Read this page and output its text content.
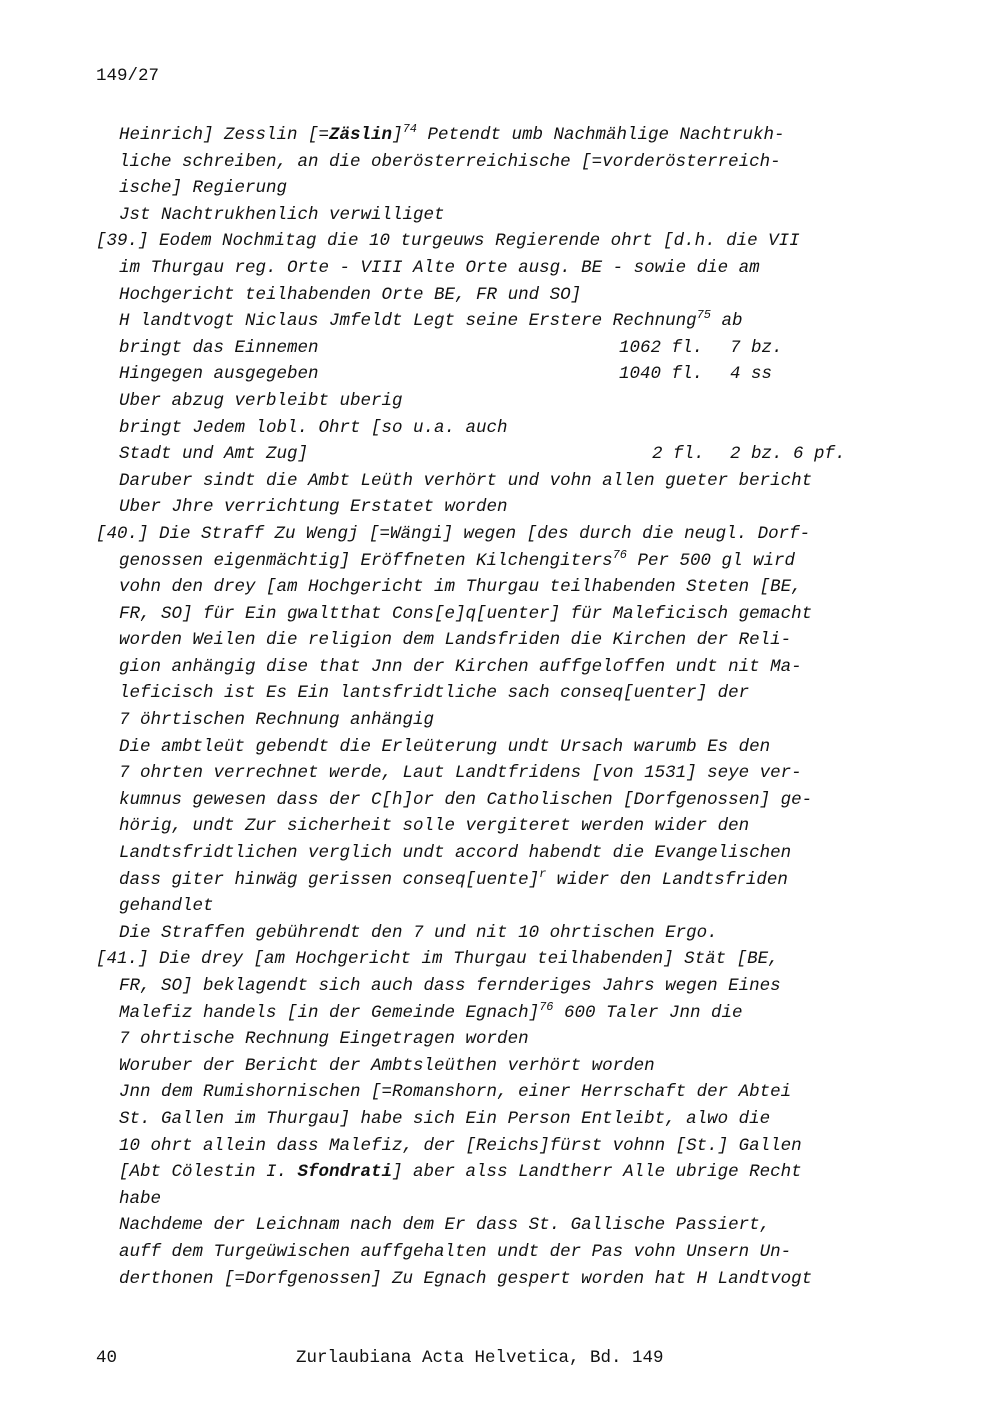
149/27
Heinrich] Zesslin [=Zäslin]$^{74}$ Petendt umb Nachmählige Nachtrukh-
liche schreiben, an die oberösterreichische [=vorderösterreich-
ische] Regierung
Jst Nachtrukhenlich verwilliget
[39.] Eodem Nochmitag die 10 turgeuws Regierende ohrt [d.h. die VII
im Thurgau reg. Orte - VIII Alte Orte ausg. BE - sowie die am
Hochgericht teilhabenden Orte BE, FR und SO]
H landtvogt Niclaus Jmfeldt Legt seine Erstere Rechnung$^{75}$ ab
bringt das Einnemen	1062 fl. 7 bz.
Hingegen ausgegeben	1040 fl. 4 ss
Uber abzug verbleibt uberig
bringt Jedem lobl. Ohrt [so u.a. auch
Stadt und Amt Zug]	2 fl. 2 bz. 6 pf.
Daruber sindt die Ambt Leüth verhört und vohn allen gueter bericht
Uber Jhre verrichtung Erstatet worden
[40.] Die Straff Zu Wengj [=Wängi] wegen [des durch die neugl. Dorf-
genossen eigenmächtig] Eröffneten Kilchengiters$^{76}$ Per 500 gl wird
vohn den drey [am Hochgericht im Thurgau teilhabenden Steten [BE,
FR, SO] für Ein gwaltthat Cons[e]q[uenter] für Maleficisch gemacht
worden Weilen die religion dem Landsfriden die Kirchen der Reli-
gion anhängig dise that Jnn der Kirchen auffgeloffen undt nit Ma-
leficisch ist Es Ein lantsfridtliche sach conseq[uenter] der
7 öhrtischen Rechnung anhängig
Die ambtleüt gebendt die Erleüterung undt Ursach warumb Es den
7 ohrten verrechnet werde, Laut Landtfridens [von 1531] seye ver-
kumnus gewesen dass der C[h]or den Catholischen [Dorfgenossen] ge-
hörig, undt Zur sicherheit solle vergiteret werden wider den
Landtsfridtlichen verglich undt accord habendt die Evangelischen
dass giter hinwäg gerissen conseq[uente]$^r$ wider den Landtsfriden
gehandlet
Die Straffen gebührendt den 7 und nit 10 ohrtischen Ergo.
[41.] Die drey [am Hochgericht im Thurgau teilhabenden] Stät [BE,
FR, SO] beklagendt sich auch dass fernderiges Jahrs wegen Eines
Malefiz handels [in der Gemeinde Egnach]$^{76}$ 600 Taler Jnn die
7 ohrtische Rechnung Eingetragen worden
Woruber der Bericht der Ambtsleüthen verhört worden
Jnn dem Rumishornischen [=Romanshorn, einer Herrschaft der Abtei
St. Gallen im Thurgau] habe sich Ein Person Entleibt, alwo die
10 ohrt allein dass Malefiz, der [Reichs]fürst vohnn [St.] Gallen
[Abt Cölestin I. Sfondrati] aber alss Landtherr Alle ubrige Recht
habe
Nachdeme der Leichnam nach dem Er dass St. Gallische Passiert,
auff dem Turgeüwischen auffgehalten undt der Pas vohn Unsern Un-
derthonen [=Dorfgenossen] Zu Egnach gespert worden hat H Landtvogt
40	Zurlaubiana Acta Helvetica, Bd. 149
